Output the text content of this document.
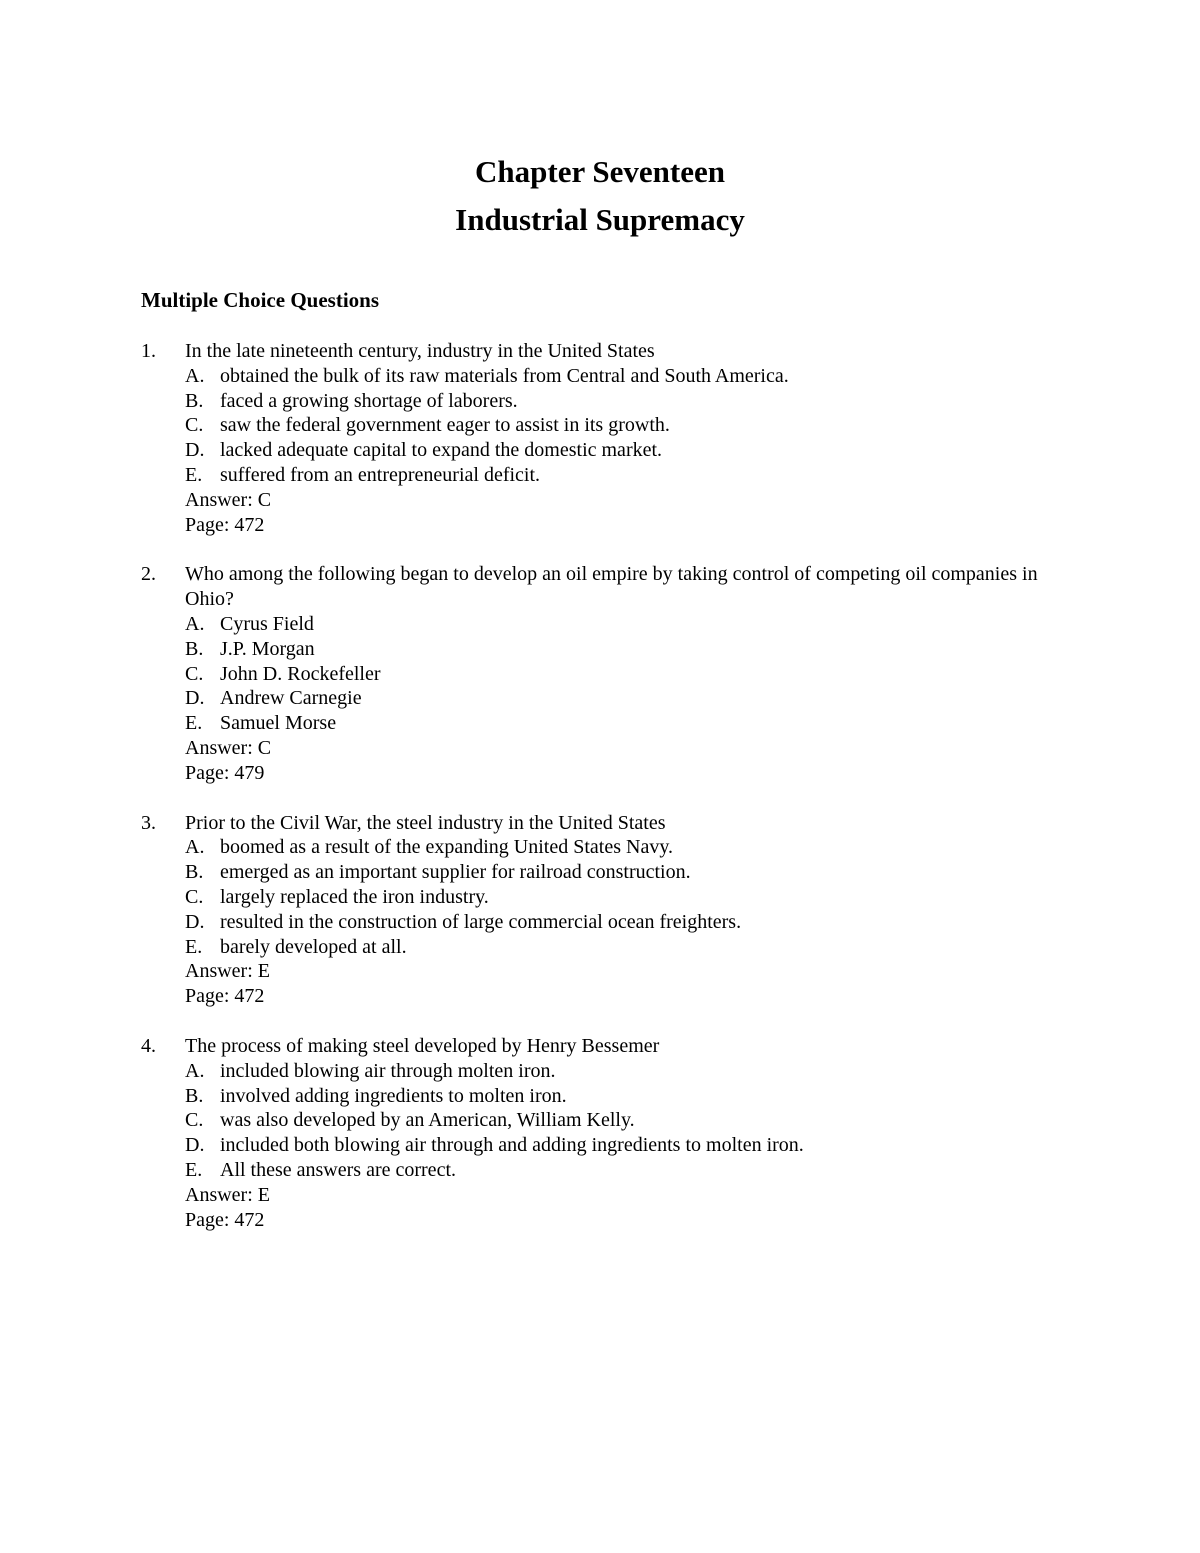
Chapter Seventeen
Industrial Supremacy
Multiple Choice Questions
1. In the late nineteenth century, industry in the United States
A. obtained the bulk of its raw materials from Central and South America.
B. faced a growing shortage of laborers.
C. saw the federal government eager to assist in its growth.
D. lacked adequate capital to expand the domestic market.
E. suffered from an entrepreneurial deficit.
Answer: C
Page: 472
2. Who among the following began to develop an oil empire by taking control of competing oil companies in Ohio?
A. Cyrus Field
B. J.P. Morgan
C. John D. Rockefeller
D. Andrew Carnegie
E. Samuel Morse
Answer: C
Page: 479
3. Prior to the Civil War, the steel industry in the United States
A. boomed as a result of the expanding United States Navy.
B. emerged as an important supplier for railroad construction.
C. largely replaced the iron industry.
D. resulted in the construction of large commercial ocean freighters.
E. barely developed at all.
Answer: E
Page: 472
4. The process of making steel developed by Henry Bessemer
A. included blowing air through molten iron.
B. involved adding ingredients to molten iron.
C. was also developed by an American, William Kelly.
D. included both blowing air through and adding ingredients to molten iron.
E. All these answers are correct.
Answer: E
Page: 472
